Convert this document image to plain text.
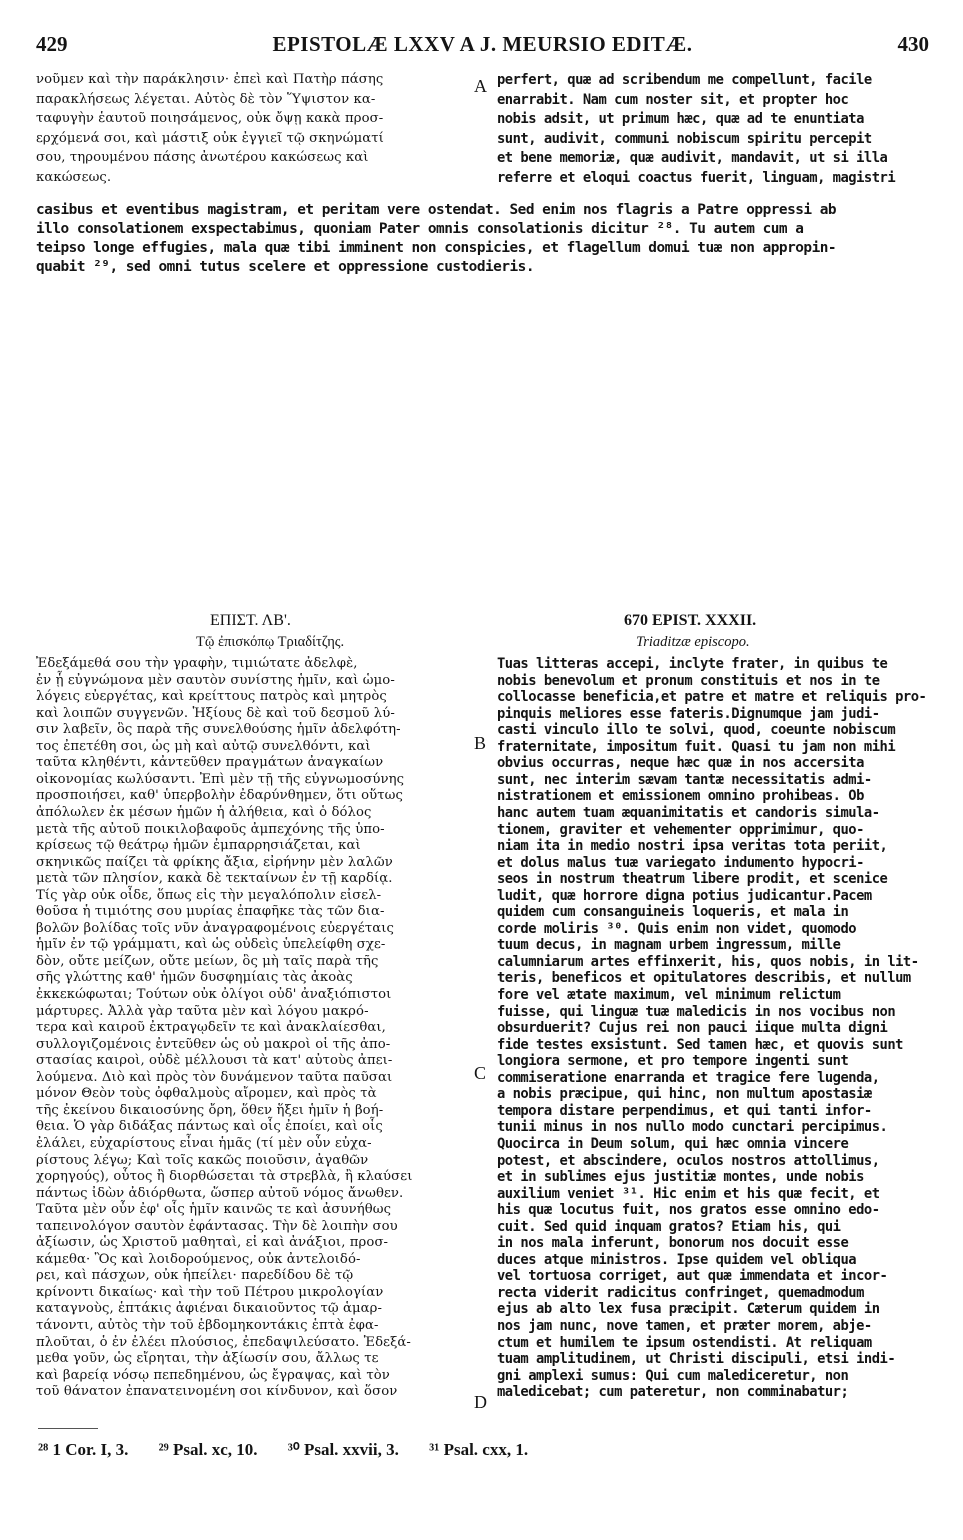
429	EPISTOLÆ LXXV A J. MEURSIO EDITÆ.	430
νοῦμεν καὶ τὴν παράκλησιν· ἐπεὶ καὶ Πατὴρ πάσης
παρακλήσεως λέγεται. Αὐτὸς δὲ τὸν Ὕψιστον κα-
ταφυγὴν ἑαυτοῦ ποιησάμενος, οὐκ ὄψῃ κακὰ προσ-
ερχόμενά σοι, καὶ μάστιξ οὐκ ἐγγιεῖ τῷ σκηνώματί
σου, τηρουμένου πάσης ἀνωτέρου κακώσεως καὶ
κακώσεως.
perfert, quæ ad scribendum me compellunt, facile
enarrabit. Nam cum noster sit, et propter hoc
nobis adsit, ut primum hæc, quæ ad te enuntiata
sunt, audivit, communi nobiscum spiritu percepit
et bene memoriæ, quæ audivit, mandavit, ut si illa
referre et eloqui coactus fuerit, linguam, magistri
A
casibus et eventibus magistram, et peritam vere ostendat. Sed enim nos flagris a Patre oppressi ab
illo consolationem exspectabimus, quoniam Pater omnis consolationis dicitur ²⁸. Tu autem cum a
teipso longe effugies, mala quæ tibi imminent non conspicies, et flagellum domui tuæ non appropin-
quabit ²⁹, sed omni tutus scelere et oppressione custodieris.
ΕΠΙΣΤ. ΛΒ'.
Τῷ ἐπισκόπῳ Τριαδίτζης.
670 EPIST. XXXII.
Triaditzæ episcopo.
Ἐδεξάμεθά σου τὴν γραφὴν, τιμιώτατε ἀδελφὲ,
ἐν ᾗ εὐγνώμονα μὲν σαυτὸν συνίστης ἡμῖν, καὶ ὡμο-
λόγεις εὐεργέτας, καὶ κρείττους πατρὸς καὶ μητρὸς
καὶ λοιπῶν συγγενῶν. Ἠξίους δὲ καὶ τοῦ δεσμοῦ λύ-
σιν λαβεῖν, ὃς παρὰ τῆς συνελθούσης ἡμῖν ἀδελφότη-
τος ἐπετέθη σοι, ὡς μὴ καὶ αὐτῷ συνελθόντι, καὶ
ταῦτα κληθέντι, κἀντεῦθεν πραγμάτων ἀναγκαίων
οἰκονομίας κωλύσαντι. Ἐπὶ μὲν τῇ τῆς εὐγνωμοσύνης
προσποιήσει, καθ' ὑπερβολὴν ἐδαρύνθημεν, ὅτι οὕτως
ἀπόλωλεν ἐκ μέσων ἡμῶν ἡ ἀλήθεια, καὶ ὁ δόλος
μετὰ τῆς αὐτοῦ ποικιλοβαφοῦς ἀμπεχόνης τῆς ὑπο-
κρίσεως τῷ θεάτρῳ ἡμῶν ἐμπαρρησιάζεται, καὶ
σκηνικῶς παίζει τὰ φρίκης ἄξια, εἰρήνην μὲν λαλῶν
μετὰ τῶν πλησίον, κακὰ δὲ τεκταίνων ἐν τῇ καρδίᾳ.
Τίς γὰρ οὐκ οἶδε, ὅπως εἰς τὴν μεγαλόπολιν εἰσελ-
θοῦσα ἡ τιμιότης σου μυρίας ἐπαφῆκε τὰς τῶν δια-
βολῶν βολίδας τοῖς νῦν ἀναγραφομένοις εὐεργέταις
ἡμῖν ἐν τῷ γράμματι, καὶ ὡς οὐδεὶς ὑπελείφθη σχε-
δὸν, οὔτε μείζων, οὔτε μείων, ὃς μὴ ταῖς παρὰ τῆς
σῆς γλώττης καθ' ἡμῶν δυσφημίαις τὰς ἀκοὰς
ἐκκεκώφωται; Τούτων οὐκ ὀλίγοι οὐδ' ἀναξιόπιστοι
μάρτυρες. Ἀλλὰ γὰρ ταῦτα μὲν καὶ λόγου μακρό-
τερα καὶ καιροῦ ἐκτραγῳδεῖν τε καὶ ἀνακλαίεσθαι,
συλλογιζομένοις ἐντεῦθεν ὡς οὐ μακροὶ οἱ τῆς ἀπο-
στασίας καιροὶ, οὐδὲ μέλλουσι τὰ κατ' αὐτοὺς ἀπει-
λούμενα. Διὸ καὶ πρὸς τὸν δυνάμενον ταῦτα παῦσαι
μόνον Θεὸν τοὺς ὀφθαλμοὺς αἴρομεν, καὶ πρὸς τὰ
τῆς ἐκείνου δικαιοσύνης ὄρη, ὅθεν ἥξει ἡμῖν ἡ βοή-
θεια. Ὁ γὰρ διδάξας πάντως καὶ οἷς ἐποίει, καὶ οἷς
ἐλάλει, εὐχαρίστους εἶναι ἡμᾶς (τί μὲν οὖν εὐχα-
ρίστους λέγω; Καὶ τοῖς κακῶς ποιοῦσιν, ἀγαθῶν
χορηγούς), οὗτος ἢ διορθώσεται τὰ στρεβλὰ, ἢ κλαύσει
πάντως ἰδὼν ἀδιόρθωτα, ὥσπερ αὐτοῦ νόμος ἄνωθεν.
Ταῦτα μὲν οὖν ἐφ' οἷς ἡμῖν καινῶς τε καὶ ἀσυνήθως
ταπεινολόγον σαυτὸν ἐφάντασας. Τὴν δὲ λοιπὴν σου
ἀξίωσιν, ὡς Χριστοῦ μαθηταὶ, εἰ καὶ ἀνάξιοι, προσ-
κάμεθα· Ὃς καὶ λοιδορούμενος, οὐκ ἀντελοιδό-
ρει, καὶ πάσχων, οὐκ ἠπείλει· παρεδίδου δὲ τῷ
κρίνοντι δικαίως· καὶ τὴν τοῦ Πέτρου μικρολογίαν
καταγνοὺς, ἑπτάκις ἀφιέναι δικαιοῦντος τῷ ἁμαρ-
τάνοντι, αὐτὸς τὴν τοῦ ἑβδομηκοντάκις ἑπτὰ ἐφα-
πλοῦται, ὁ ἐν ἐλέει πλούσιος, ἐπεδαψιλεύσατο. Ἐδεξά-
μεθα γοῦν, ὡς εἴρηται, τὴν ἀξίωσίν σου, ἄλλως τε
καὶ βαρείᾳ νόσῳ πεπεδημένου, ὡς ἔγραψας, καὶ τὸν
τοῦ θάνατον ἐπανατεινομένη σοι κίνδυνον, καὶ ὅσον
Tuas litteras accepi, inclyte frater, in quibus te
nobis benevolum et pronum constituis et nos in te
collocasse beneficia,et patre et matre et reliquis pro-
pinquis meliores esse fateris.Dignumque jam judi-
casti vinculo illo te solvi, quod, coeunte nobiscum
fraternitate, impositum fuit. Quasi tu jam non mihi
obvius occurras, neque hæc quæ in nos accersita
sunt, nec interim sævam tantæ necessitatis admi-
nistrationem et emissionem omnino prohibeas. Ob
hanc autem tuam æquanimitatis et candoris simula-
tionem, graviter et vehementer opprimimur, quo-
niam ita in medio nostri ipsa veritas tota periit,
et dolus malus tuæ variegato indumento hypocri-
seos in nostrum theatrum libere prodit, et scenice
ludit, quæ horrore digna potius judicantur.Pacem
quidem cum consanguineis loqueris, et mala in
corde moliris ³⁰. Quis enim non videt, quomodo
tuum decus, in magnam urbem ingressum, mille
calumniarum artes effinxerit, his, quos nobis, in lit-
teris, beneficos et opitulatores describis, et nullum
fore vel ætate maximum, vel minimum relictum
fuisse, qui linguæ tuæ maledicis in nos vocibus non
obsurduerit? Cujus rei non pauci iique multa digni
fide testes exsistunt. Sed tamen hæc, et quovis sunt
longiora sermone, et pro tempore ingenti sunt
commiseratione enarranda et tragice fere lugenda,
a nobis præcipue, qui hinc, non multum apostasiæ
tempora distare perpendimus, et qui tanti infor-
tunii minus in nos nullo modo cunctari percipimus.
Quocirca in Deum solum, qui hæc omnia vincere
potest, et abscindere, oculos nostros attollimus,
et in sublimes ejus justitiæ montes, unde nobis
auxilium veniet ³¹. Hic enim et his quæ fecit, et
his quæ locutus fuit, nos gratos esse omnino edo-
cuit. Sed quid inquam gratos? Etiam his, qui
in nos mala inferunt, bonorum nos docuit esse
duces atque ministros. Ipse quidem vel obliqua
vel tortuosa corriget, aut quæ immendata et incor-
recta viderit radicitus confringet, quemadmodum
ejus ab alto lex fusa præcipit. Cæterum quidem in
nos jam nunc, nove tamen, et præter morem, abje-
ctum et humilem te ipsum ostendisti. At reliquam
tuam amplitudinem, ut Christi discipuli, etsi indi-
gni amplexi sumus: Qui cum malediceretur, non
maledicebat; cum pateretur, non comminabatur;
B
C
D
²⁸ 1 Cor. I, 3. ²⁹ Psal. xc, 10. ³⁰ Psal. xxvii, 3. ³¹ Psal. cxx, 1.
